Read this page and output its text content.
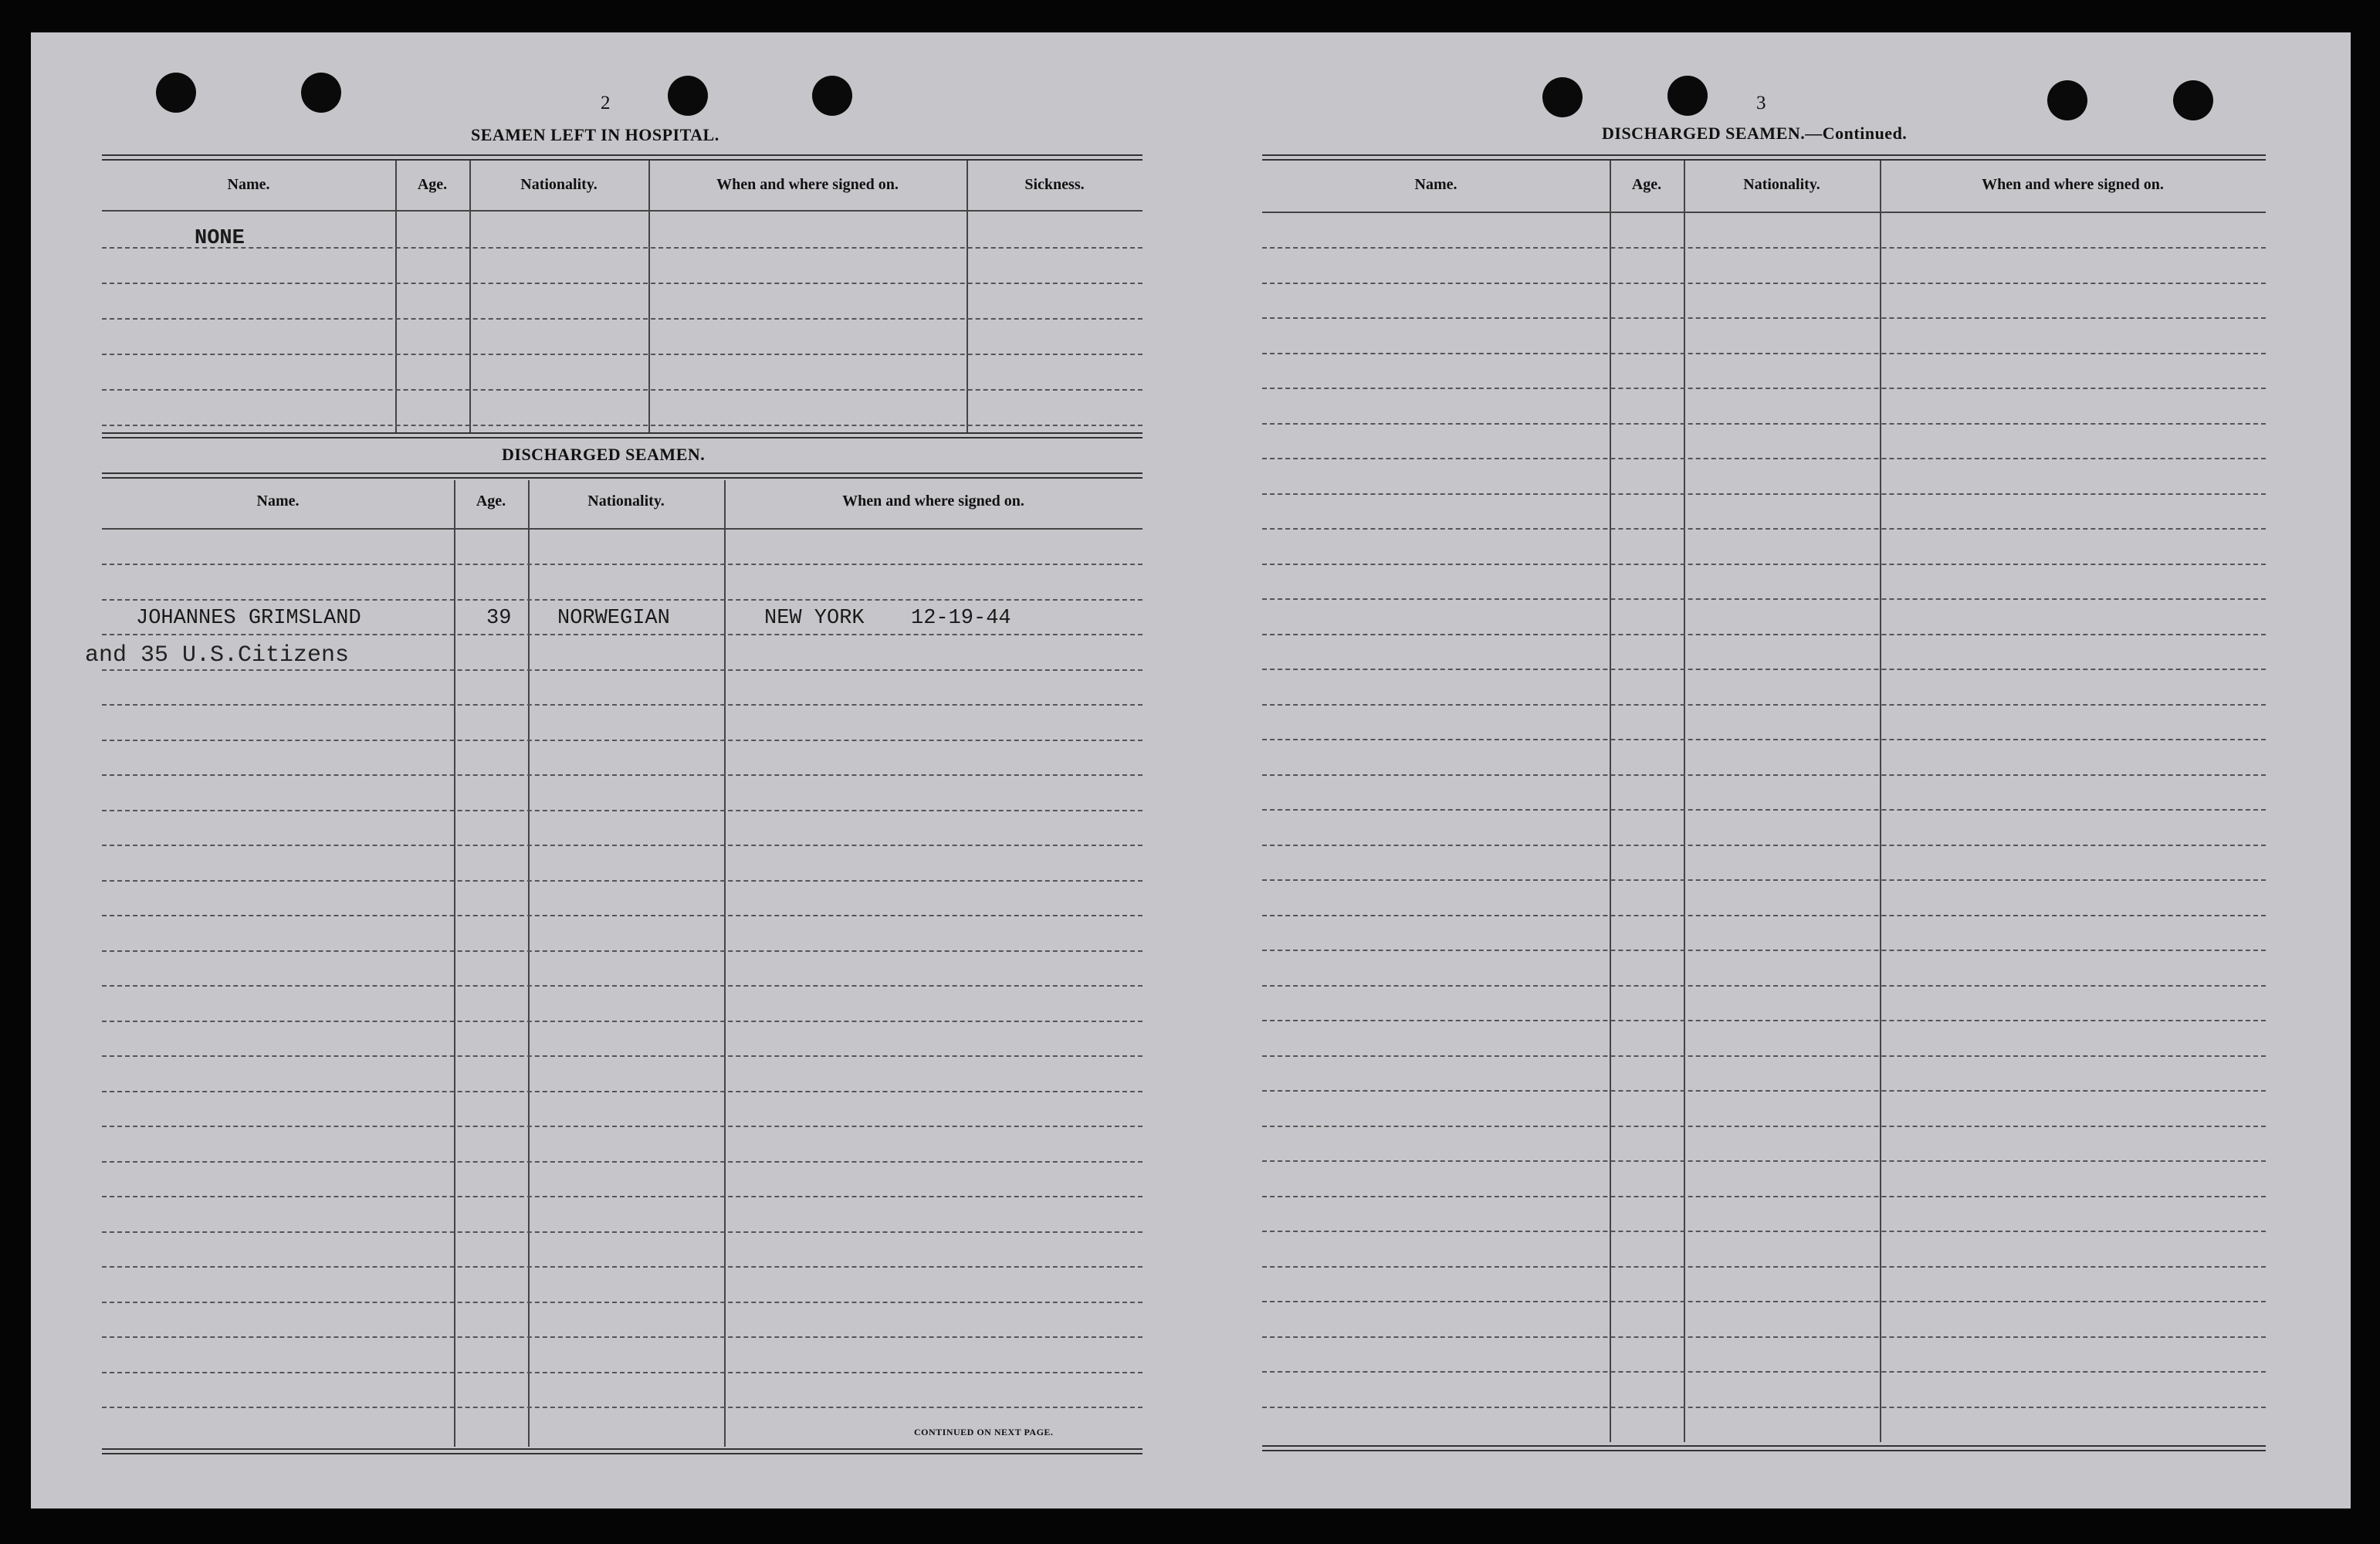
2
SEAMEN LEFT IN HOSPITAL.
Name.	Age.	Nationality.	When and where signed on.	Sickness.
NONE
DISCHARGED SEAMEN.
Name.	Age.	Nationality.	When and where signed on.
JOHANNES GRIMSLAND	39 NORWEGIAN	NEW YORK 12-19-44
and 35 U.S.Citizens
CONTINUED ON NEXT PAGE.
3
DISCHARGED SEAMEN.—Continued.
Name.	Age.	Nationality.	When and where signed on.
